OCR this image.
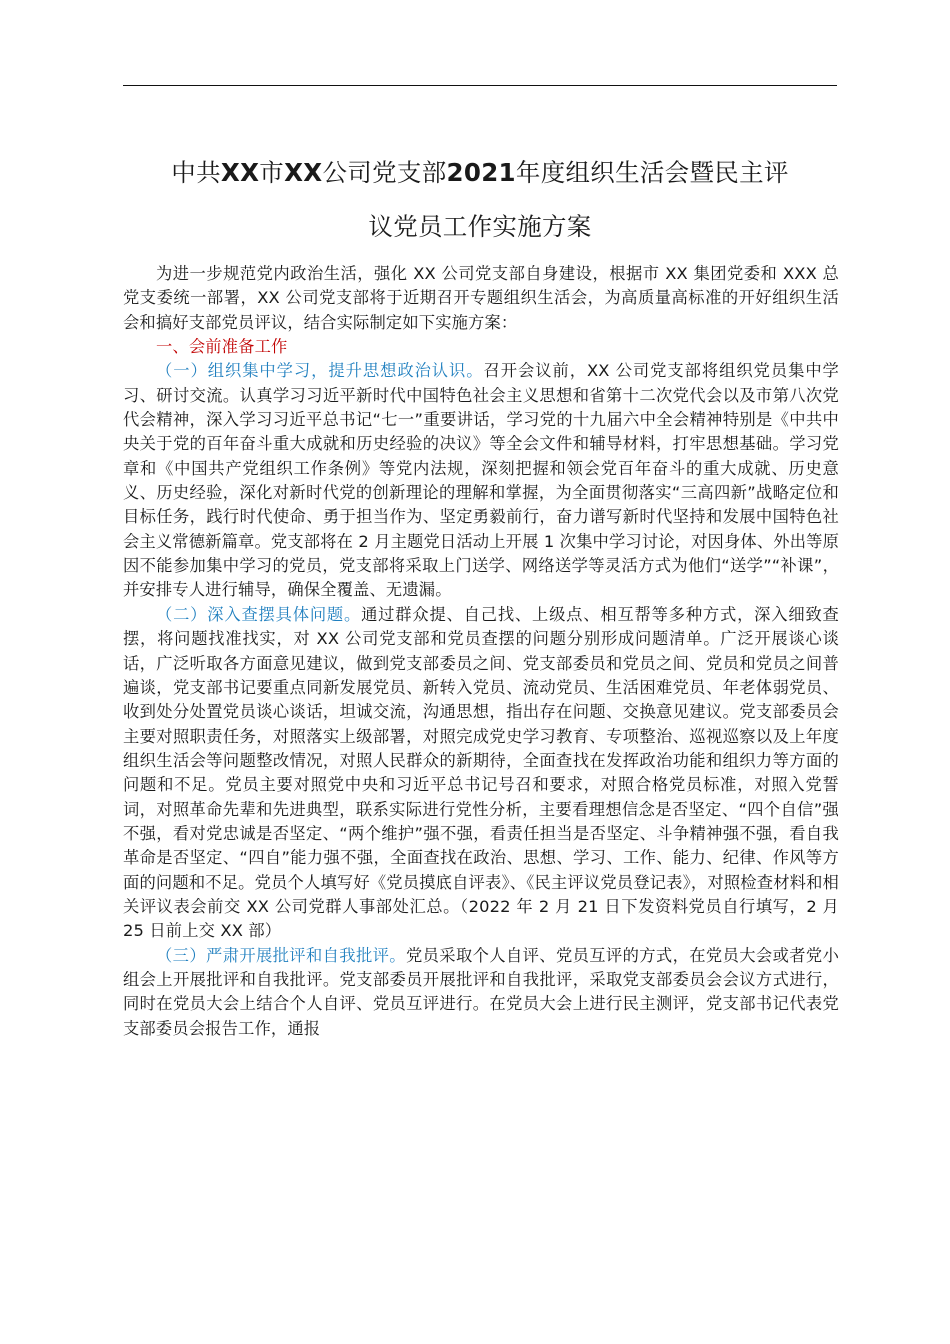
中共XX市XX公司党支部2021年度组织生活会暨民主评
议党员工作实施方案

为进一步规范党内政治生活，强化 XX 公司党支部自身建设，根据市 XX 集团党委和 XXX 总党支委统一部署，XX 公司党支部将于近期召开专题组织生活会，为高质量高标准的开好组织生活会和搞好支部党员评议，结合实际制定如下实施方案：

一、会前准备工作

（一）组织集中学习，提升思想政治认识。召开会议前，XX 公司党支部将组织党员集中学习、研讨交流。认真学习习近平新时代中国特色社会主义思想和省第十二次党代会以及市第八次党代会精神，深入学习习近平总书记“七一”重要讲话，学习党的十九届六中全会精神特别是《中共中央关于党的百年奋斗重大成就和历史经验的决议》等全会文件和辅导材料，打牢思想基础。学习党章和《中国共产党组织工作条例》等党内法规，深刻把握和领会党百年奋斗的重大成就、历史意义、历史经验，深化对新时代党的创新理论的理解和掌握，为全面贯彻落实“三高四新”战略定位和目标任务，践行时代使命、勇于担当作为、坚定勇毅前行，奋力谱写新时代坚持和发展中国特色社会主义常德新篇章。党支部将在 2 月主题党日活动上开展 1 次集中学习讨论，对因身体、外出等原因不能参加集中学习的党员，党支部将采取上门送学、网络送学等灵活方式为他们“送学”“补课”，并安排专人进行辅导，确保全覆盖、无遗漏。

（二）深入查摆具体问题。通过群众提、自己找、上级点、相互帮等多种方式，深入细致查摆，将问题找准找实，对 XX 公司党支部和党员查摆的问题分别形成问题清单。广泛开展谈心谈话，广泛听取各方面意见建议，做到党支部委员之间、党支部委员和党员之间、党员和党员之间普遍谈，党支部书记要重点同新发展党员、新转入党员、流动党员、生活困难党员、年老体弱党员、收到处分处置党员谈心谈话，坦诚交流，沟通思想，指出存在问题、交换意见建议。党支部委员会主要对照职责任务，对照落实上级部署，对照完成党史学习教育、专项整治、巡视巡察以及上年度组织生活会等问题整改情况，对照人民群众的新期待，全面查找在发挥政治功能和组织力等方面的问题和不足。党员主要对照党中央和习近平总书记号召和要求，对照合格党员标准，对照入党誓词，对照革命先辈和先进典型，联系实际进行党性分析，主要看理想信念是否坚定、“四个自信”强不强，看对党忠诚是否坚定、“两个维护”强不强，看责任担当是否坚定、斗争精神强不强，看自我革命是否坚定、“四自”能力强不强，全面查找在政治、思想、学习、工作、能力、纪律、作风等方面的问题和不足。党员个人填写好《党员摸底自评表》、《民主评议党员登记表》，对照检查材料和相关评议表会前交 XX 公司党群人事部处汇总。（2022 年 2 月 21 日下发资料党员自行填写，2 月 25 日前上交 XX 部）

（三）严肃开展批评和自我批评。党员采取个人自评、党员互评的方式，在党员大会或者党小组会上开展批评和自我批评。党支部委员开展批评和自我批评，采取党支部委员会会议方式进行，同时在党员大会上结合个人自评、党员互评进行。在党员大会上进行民主测评，党支部书记代表党支部委员会报告工作，通报
